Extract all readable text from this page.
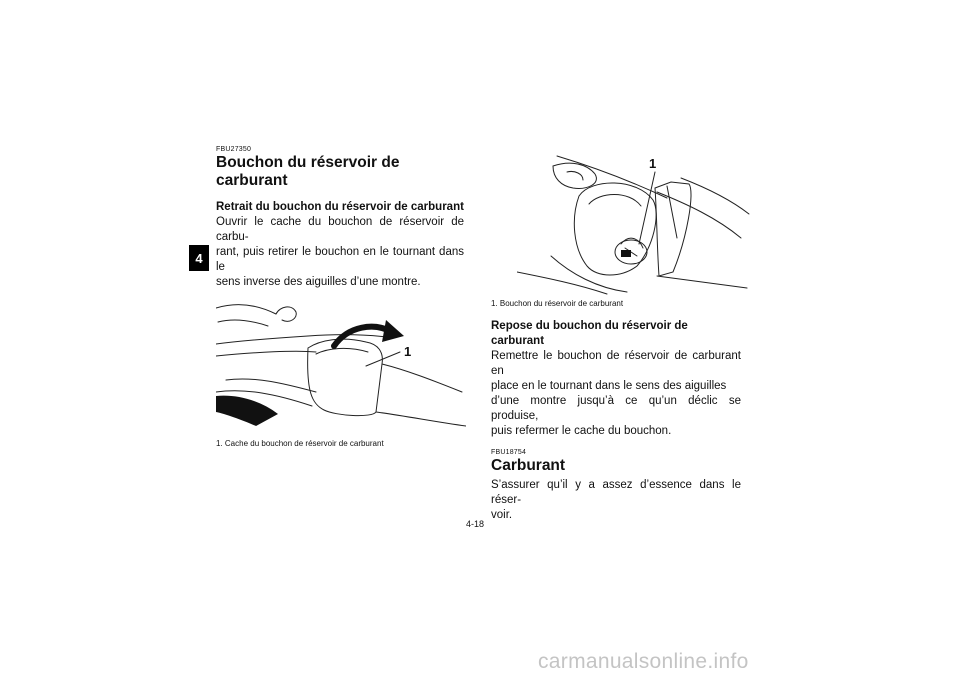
4
FBU27350
Bouchon du réservoir de carburant
Retrait du bouchon du réservoir de carburant
Ouvrir le cache du bouchon de réservoir de carbu-
rant, puis retirer le bouchon en le tournant dans le
sens inverse des aiguilles d’une montre.
1
1. Cache du bouchon de réservoir de carburant
1
1. Bouchon du réservoir de carburant
Repose du bouchon du réservoir de carburant
Remettre le bouchon de réservoir de carburant en
place en le tournant dans le sens des aiguilles
d’une montre jusqu’à ce qu’un déclic se produise,
puis refermer le cache du bouchon.
FBU18754
Carburant
S’assurer qu’il y a assez d’essence dans le réser-
voir.
4-18
carmanualsonline.info
